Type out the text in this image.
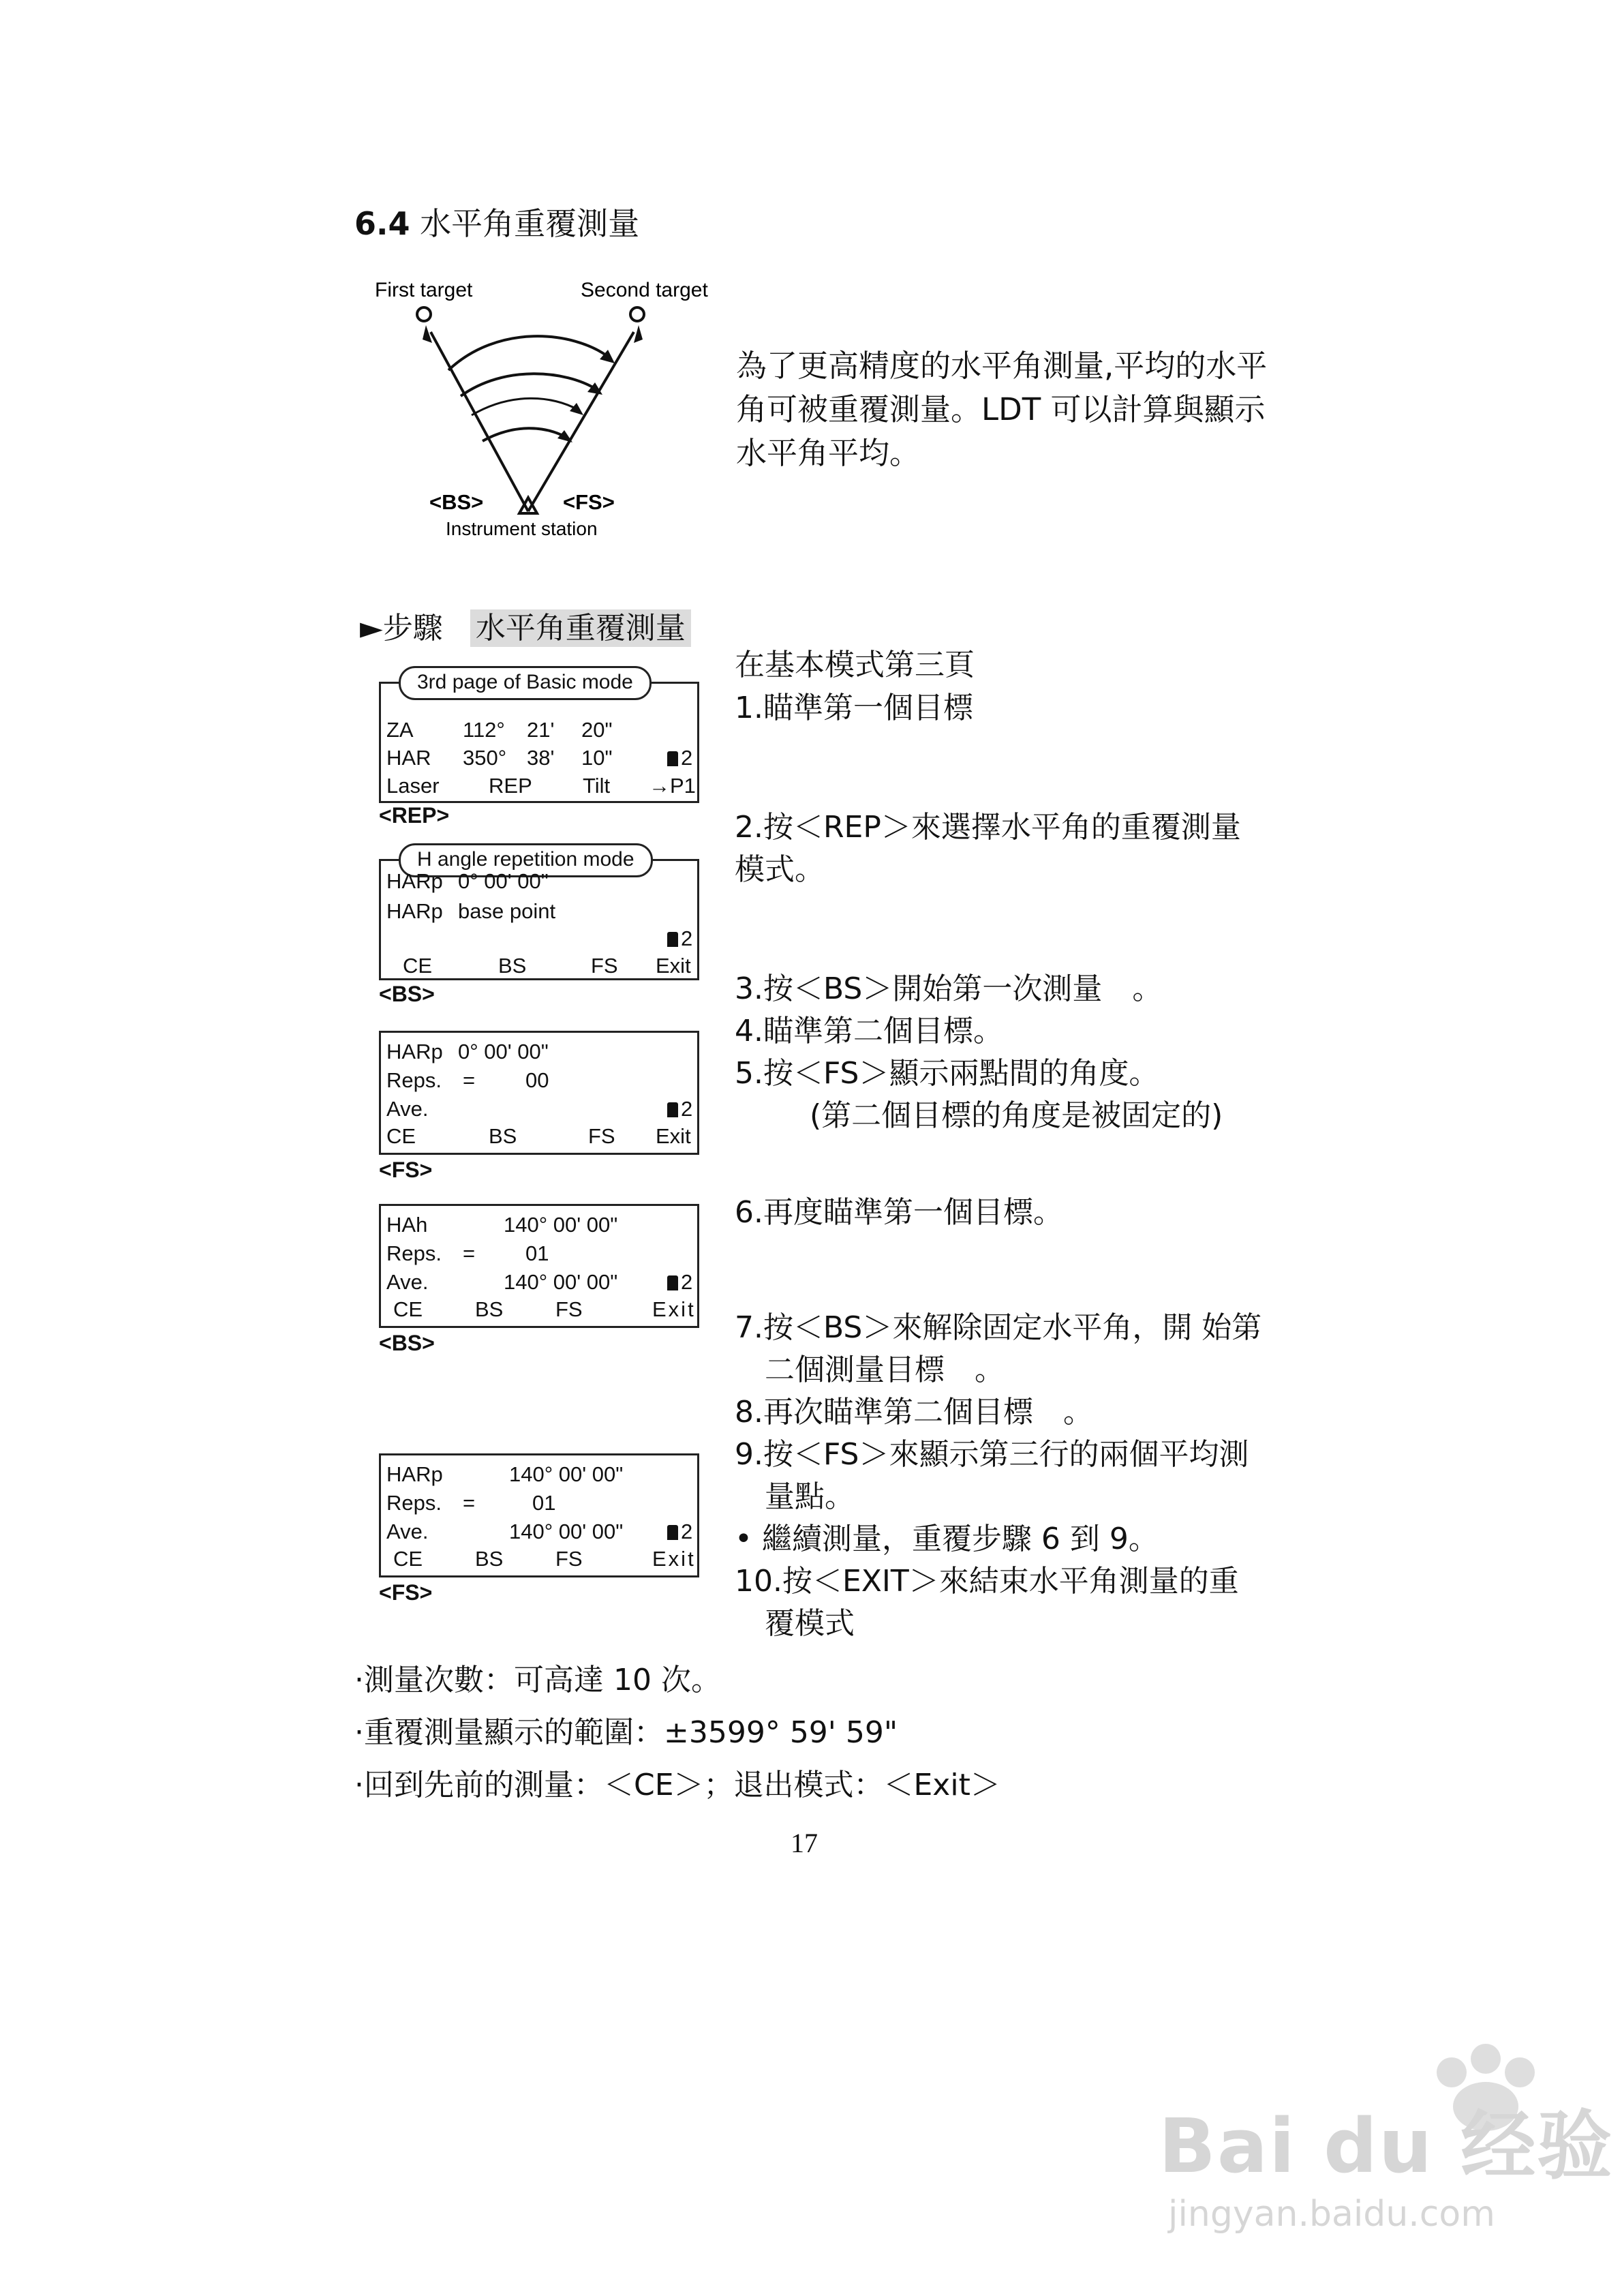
6.4 水平角重覆測量
First target	Second target
<BS>	<FS>
Instrument station
為了更高精度的水平角測量,平均的水平
角可被重覆測量。LDT 可以計算與顯示
水平角平均。
►步驟 水平角重覆測量
3rd page of Basic mode
ZA 112° 21' 20"
HAR 350° 38' 10"	2
Laser REP Tilt →P1
<REP>
H angle repetition mode
HARp 0° 00' 00"
HARp base point
2
CE	BS	FS Exit
<BS>
HARp 0° 00' 00"
Reps. = 00
Ave.	2
CE	BS	FS Exit
<FS>
HAh	140° 00' 00"
Reps. = 01
Ave.	140° 00' 00"	2
CE BS FS	Exit
<BS>
HARp	140° 00' 00"
Reps. =	01
Ave.	140° 00' 00"	2
CE BS FS	Exit
<FS>
在基本模式第三頁
1.瞄準第一個目標
2.按＜REP＞來選擇水平角的重覆測量
模式。
3.按＜BS＞開始第一次測量　。
4.瞄準第二個目標。
5.按＜FS＞顯示兩點間的角度。
(第二個目標的角度是被固定的)
6.再度瞄準第一個目標。
7.按＜BS＞來解除固定水平角，開 始第
二個測量目標　。
8.再次瞄準第二個目標　。
9.按＜FS＞來顯示第三行的兩個平均測
量點。
• 繼續測量，重覆步驟 6 到 9。
10.按＜EXIT＞來結束水平角測量的重
覆模式
·測量次數：可高達 10 次。
·重覆測量顯示的範圍：±3599° 59' 59"
·回到先前的測量：＜CE＞；退出模式：＜Exit＞
17
Bai du 经验
jingyan.baidu.com
